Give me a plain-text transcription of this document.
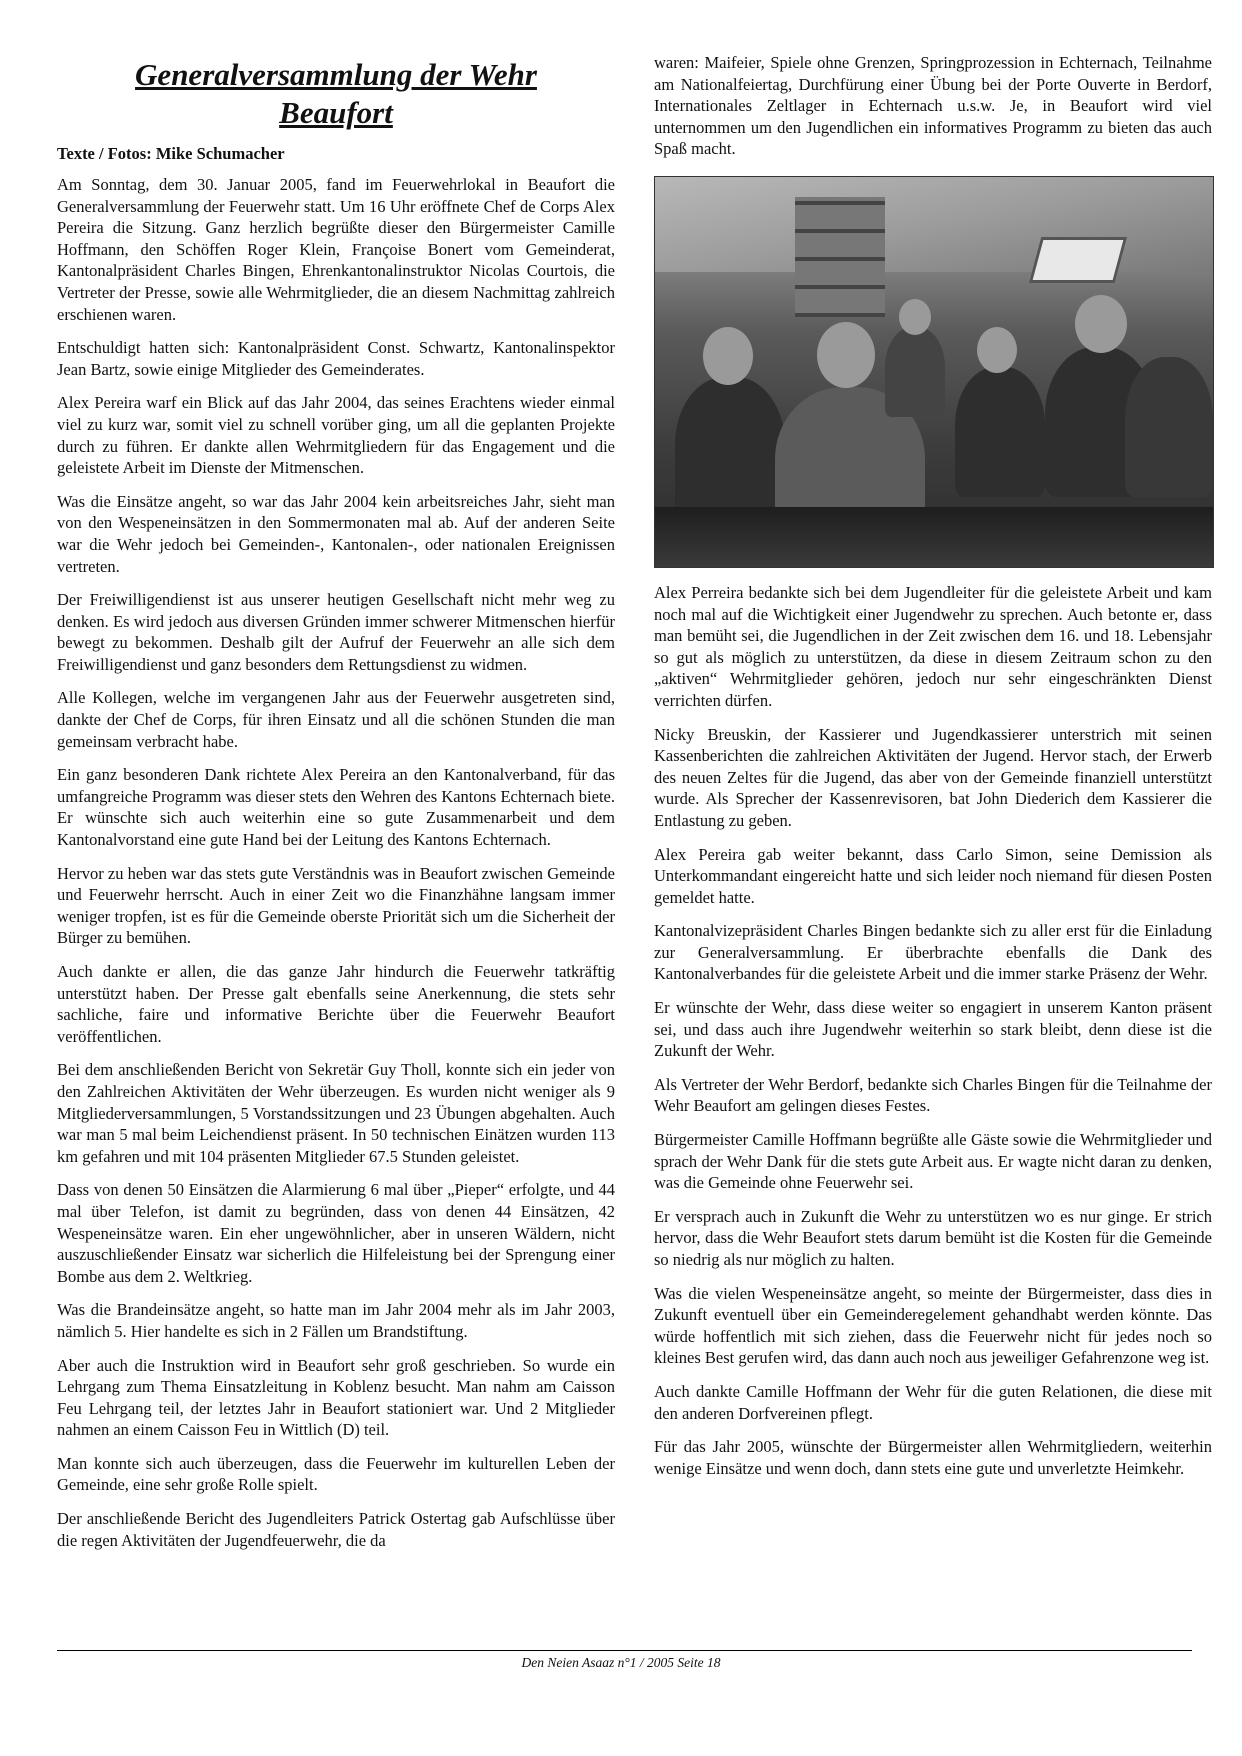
Generalversammlung der Wehr
Beaufort
Texte / Fotos: Mike Schumacher

Am Sonntag, dem 30. Januar 2005, fand im Feuerwehrlokal in Beaufort die Generalversammlung der Feuerwehr statt. Um 16 Uhr eröffnete Chef de Corps Alex Pereira die Sitzung. Ganz herzlich begrüßte dieser den Bürgermeister Camille Hoffmann, den Schöffen Roger Klein, Françoise Bonert vom Gemeinderat, Kantonalpräsident Charles Bingen, Ehrenkantonalinstruktor Nicolas Courtois, die Vertreter der Presse, sowie alle Wehrmitglieder, die an diesem Nachmittag zahlreich erschienen waren.

Entschuldigt hatten sich: Kantonalpräsident Const. Schwartz, Kantonalinspektor Jean Bartz, sowie einige Mitglieder des Gemeinderates.

Alex Pereira warf ein Blick auf das Jahr 2004, das seines Erachtens wieder einmal viel zu kurz war, somit viel zu schnell vorüber ging, um all die geplanten Projekte durch zu führen. Er dankte allen Wehrmitgliedern für das Engagement und die geleistete Arbeit im Dienste der Mitmenschen.

Was die Einsätze angeht, so war das Jahr 2004 kein arbeitsreiches Jahr, sieht man von den Wespeneinsätzen in den Sommermonaten mal ab. Auf der anderen Seite war die Wehr jedoch bei Gemeinden-, Kantonalen-, oder nationalen Ereignissen vertreten.

Der Freiwilligendienst ist aus unserer heutigen Gesellschaft nicht mehr weg zu denken. Es wird jedoch aus diversen Gründen immer schwerer Mitmenschen hierfür bewegt zu bekommen. Deshalb gilt der Aufruf der Feuerwehr an alle sich dem Freiwilligendienst und ganz besonders dem Rettungsdienst zu widmen.

Alle Kollegen, welche im vergangenen Jahr aus der Feuerwehr ausgetreten sind, dankte der Chef de Corps, für ihren Einsatz und all die schönen Stunden die man gemeinsam verbracht habe.

Ein ganz besonderen Dank richtete Alex Pereira an den Kantonalverband, für das umfangreiche Programm was dieser stets den Wehren des Kantons Echternach biete. Er wünschte sich auch weiterhin eine so gute Zusammenarbeit und dem Kantonalvorstand eine gute Hand bei der Leitung des Kantons Echternach.

Hervor zu heben war das stets gute Verständnis was in Beaufort zwischen Gemeinde und Feuerwehr herrscht. Auch in einer Zeit wo die Finanzhähne langsam immer weniger tropfen, ist es für die Gemeinde oberste Priorität sich um die Sicherheit der Bürger zu bemühen.

Auch dankte er allen, die das ganze Jahr hindurch die Feuerwehr tatkräftig unterstützt haben. Der Presse galt ebenfalls seine Anerkennung, die stets sehr sachliche, faire und informative Berichte über die Feuerwehr Beaufort veröffentlichen.

Bei dem anschließenden Bericht von Sekretär Guy Tholl, konnte sich ein jeder von den Zahlreichen Aktivitäten der Wehr überzeugen. Es wurden nicht weniger als 9 Mitgliederversammlungen, 5 Vorstandssitzungen und 23 Übungen abgehalten. Auch war man 5 mal beim Leichendienst präsent. In 50 technischen Einätzen wurden 113 km gefahren und mit 104 präsenten Mitglieder 67.5 Stunden geleistet.

Dass von denen 50 Einsätzen die Alarmierung 6 mal über „Pieper“ erfolgte, und 44 mal über Telefon, ist damit zu begründen, dass von denen 44 Einsätzen, 42 Wespeneinsätze waren. Ein eher ungewöhnlicher, aber in unseren Wäldern, nicht auszuschließender Einsatz war sicherlich die Hilfeleistung bei der Sprengung einer Bombe aus dem 2. Weltkrieg.

Was die Brandeinsätze angeht, so hatte man im Jahr 2004 mehr als im Jahr 2003, nämlich 5. Hier handelte es sich in 2 Fällen um Brandstiftung.

Aber auch die Instruktion wird in Beaufort sehr groß geschrieben. So wurde ein Lehrgang zum Thema Einsatzleitung in Koblenz besucht. Man nahm am Caisson Feu Lehrgang teil, der letztes Jahr in Beaufort stationiert war. Und 2 Mitglieder nahmen an einem Caisson Feu in Wittlich (D) teil.

Man konnte sich auch überzeugen, dass die Feuerwehr im kulturellen Leben der Gemeinde, eine sehr große Rolle spielt.

Der anschließende Bericht des Jugendleiters Patrick Ostertag gab Aufschlüsse über die regen Aktivitäten der Jugendfeuerwehr, die da

waren: Maifeier, Spiele ohne Grenzen, Springprozession in Echternach, Teilnahme am Nationalfeiertag, Durchfürung einer Übung bei der Porte Ouverte in Berdorf, Internationales Zeltlager in Echternach u.s.w. Je, in Beaufort wird viel unternommen um den Jugendlichen ein informatives Programm zu bieten das auch Spaß macht.

Alex Perreira bedankte sich bei dem Jugendleiter für die geleistete Arbeit und kam noch mal auf die Wichtigkeit einer Jugendwehr zu sprechen. Auch betonte er, dass man bemüht sei, die Jugendlichen in der Zeit zwischen dem 16. und 18. Lebensjahr so gut als möglich zu unterstützen, da diese in diesem Zeitraum schon zu den „aktiven“ Wehrmitglieder gehören, jedoch nur sehr eingeschränkten Dienst verrichten dürfen.

Nicky Breuskin, der Kassierer und Jugendkassierer unterstrich mit seinen Kassenberichten die zahlreichen Aktivitäten der Jugend. Hervor stach, der Erwerb des neuen Zeltes für die Jugend, das aber von der Gemeinde finanziell unterstützt wurde. Als Sprecher der Kassenrevisoren, bat John Diederich dem Kassierer die Entlastung zu geben.

Alex Pereira gab weiter bekannt, dass Carlo Simon, seine Demission als Unterkommandant eingereicht hatte und sich leider noch niemand für diesen Posten gemeldet hatte.

Kantonalvizepräsident Charles Bingen bedankte sich zu aller erst für die Einladung zur Generalversammlung. Er überbrachte ebenfalls die Dank des Kantonalverbandes für die geleistete Arbeit und die immer starke Präsenz der Wehr.

Er wünschte der Wehr, dass diese weiter so engagiert in unserem Kanton präsent sei, und dass auch ihre Jugendwehr weiterhin so stark bleibt, denn diese ist die Zukunft der Wehr.

Als Vertreter der Wehr Berdorf, bedankte sich Charles Bingen für die Teilnahme der Wehr Beaufort am gelingen dieses Festes.

Bürgermeister Camille Hoffmann begrüßte alle Gäste sowie die Wehrmitglieder und sprach der Wehr Dank für die stets gute Arbeit aus. Er wagte nicht daran zu denken, was die Gemeinde ohne Feuerwehr sei.

Er versprach auch in Zukunft die Wehr zu unterstützen wo es nur ginge. Er strich hervor, dass die Wehr Beaufort stets darum bemüht ist die Kosten für die Gemeinde so niedrig als nur möglich zu halten.

Was die vielen Wespeneinsätze angeht, so meinte der Bürgermeister, dass dies in Zukunft eventuell über ein Gemeinderegelement gehandhabt werden könnte. Das würde hoffentlich mit sich ziehen, dass die Feuerwehr nicht für jedes noch so kleines Best gerufen wird, das dann auch noch aus jeweiliger Gefahrenzone weg ist.

Auch dankte Camille Hoffmann der Wehr für die guten Relationen, die diese mit den anderen Dorfvereinen pflegt.

Für das Jahr 2005, wünschte der Bürgermeister allen Wehrmitgliedern, weiterhin wenige Einsätze und wenn doch, dann stets eine gute und unverletzte Heimkehr.

Den Neien Asaaz n°1 / 2005 Seite 18
